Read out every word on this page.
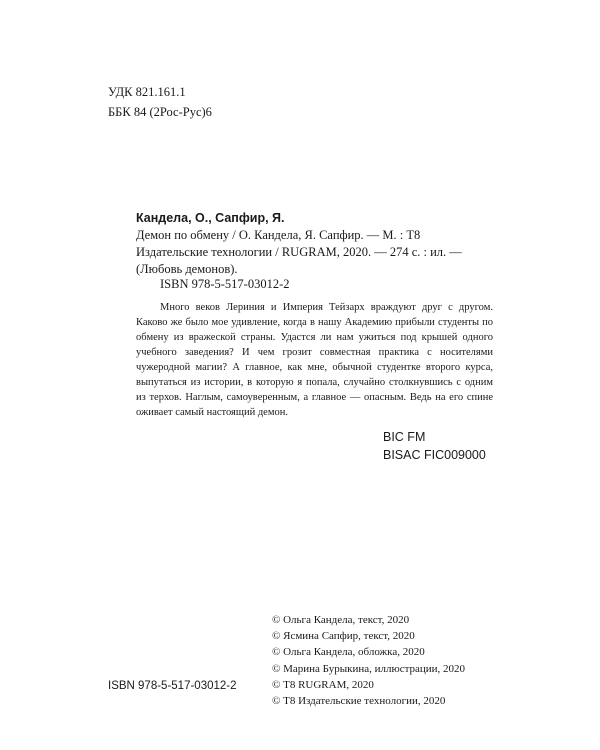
УДК 821.161.1
ББК 84 (2Рос-Рус)6
Кандела, О., Сапфир, Я.
Демон по обмену / О. Кандела, Я. Сапфир. — М. : Т8 Издательские технологии / RUGRAM, 2020. — 274 с. : ил. — (Любовь демонов).
ISBN 978-5-517-03012-2

Много веков Лериния и Империя Тейзарх враждуют друг с другом. Каково же было мое удивление, когда в нашу Академию прибыли студенты по обмену из вражеской страны. Удастся ли нам ужиться под крышей одного учебного заведения? И чем грозит совместная практика с носителями чужеродной магии? А главное, как мне, обычной студентке второго курса, выпутаться из истории, в которую я попала, случайно столкнувшись с одним из терхов. Наглым, самоуверенным, а главное — опасным. Ведь на его спине оживает самый настоящий демон.

BIC FM
BISAC FIC009000
© Ольга Кандела, текст, 2020
© Ясмина Сапфир, текст, 2020
© Ольга Кандела, обложка, 2020
© Марина Бурыкина, иллюстрации, 2020
© Т8 RUGRAM, 2020
© Т8 Издательские технологии, 2020
ISBN 978-5-517-03012-2
